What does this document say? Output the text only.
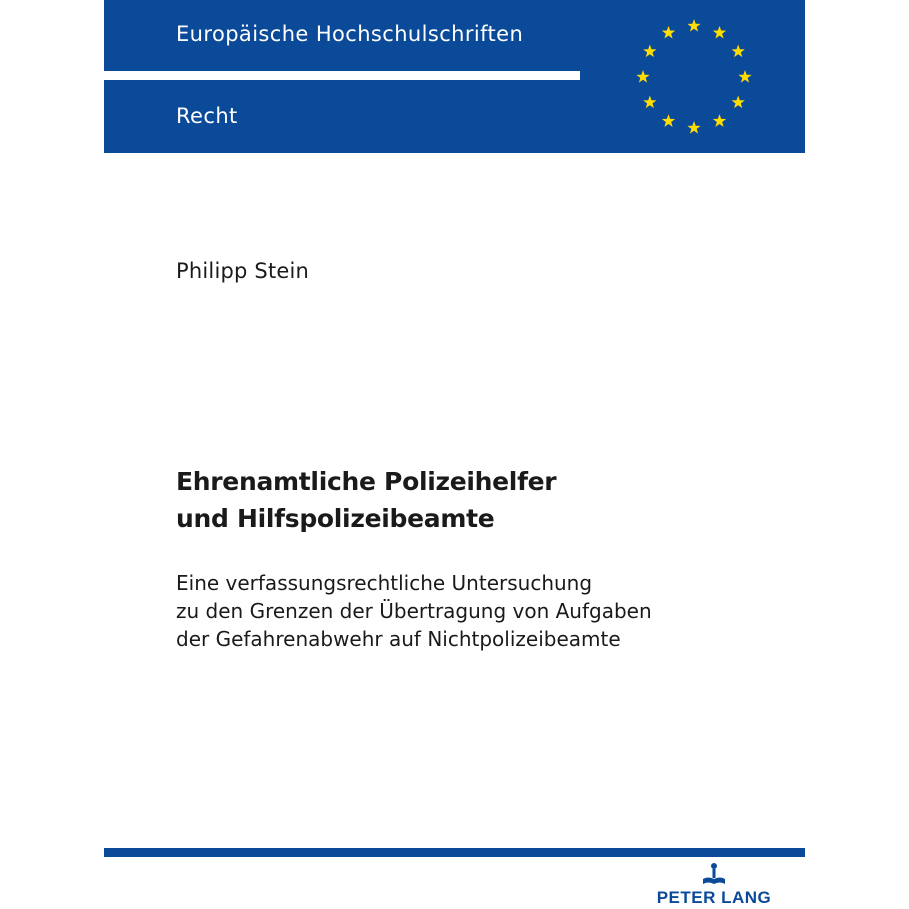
Europäische Hochschulschriften
Recht
Philipp Stein
Ehrenamtliche Polizeihelfer
und Hilfspolizeibeamte
Eine verfassungsrechtliche Untersuchung
zu den Grenzen der Übertragung von Aufgaben
der Gefahrenabwehr auf Nichtpolizeibeamte
PETER LANG
